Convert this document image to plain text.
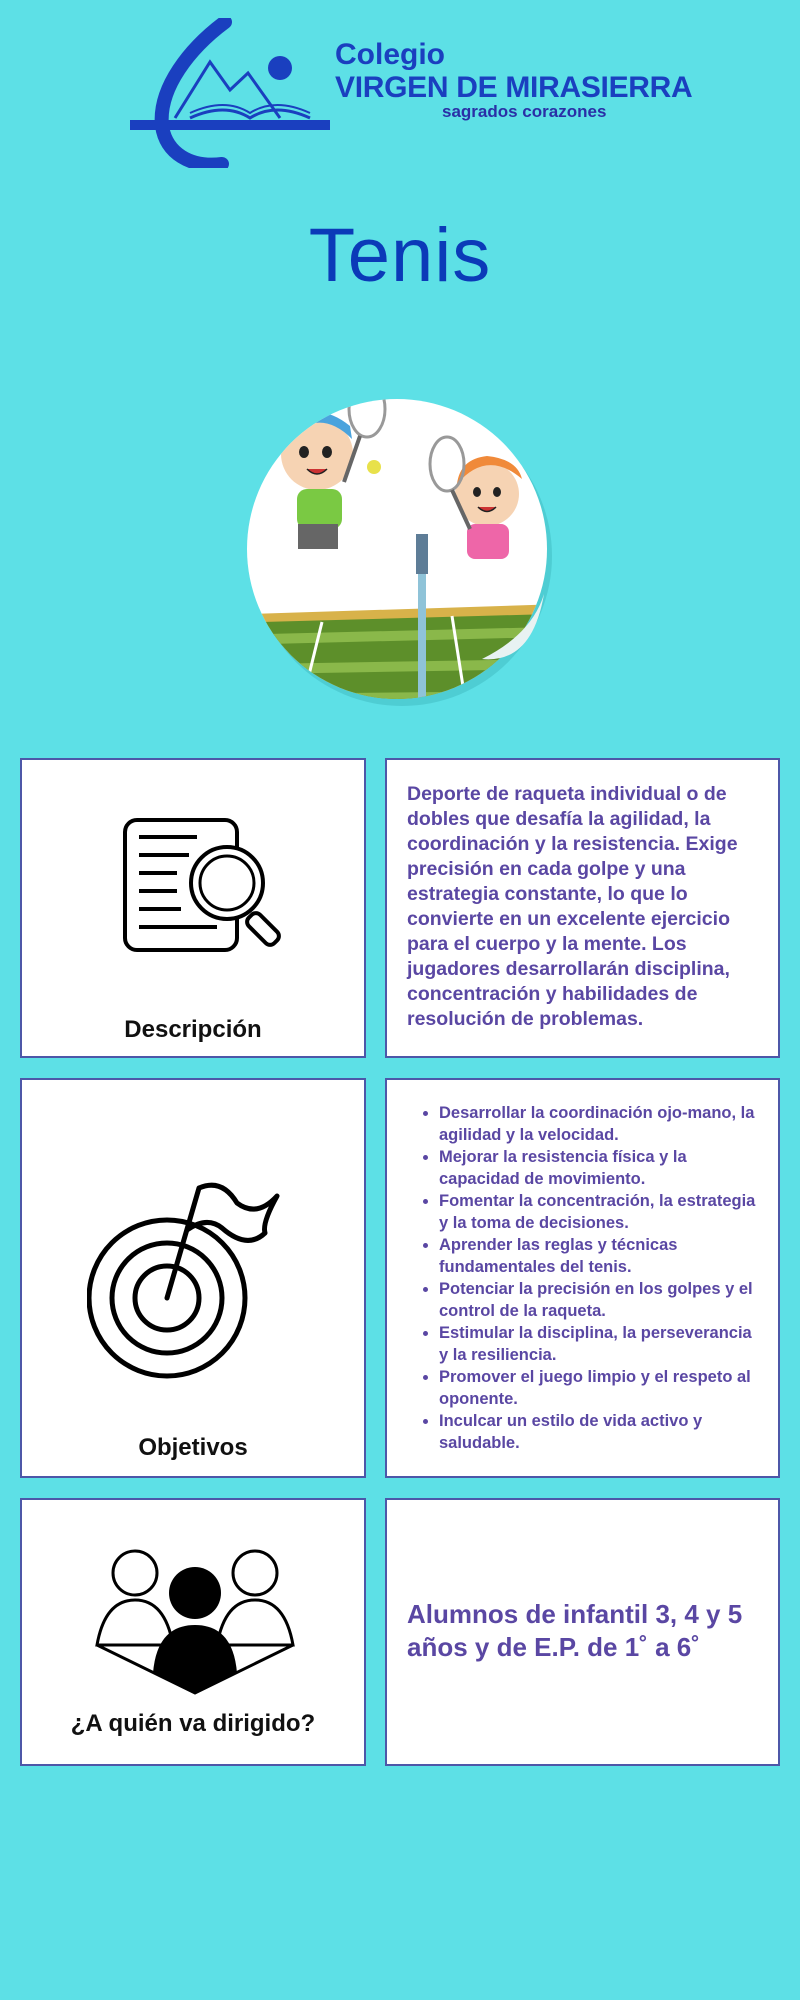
Colegio
VIRGEN DE MIRASIERRA
sagrados corazones
Tenis
Descripción
Deporte de raqueta individual o de dobles que desafía la agilidad, la coordinación y la resistencia. Exige precisión en cada golpe y una estrategia constante, lo que lo convierte en un excelente ejercicio para el cuerpo y la mente. Los jugadores desarrollarán disciplina, concentración y habilidades de resolución de problemas.
Objetivos
• Desarrollar la coordinación ojo-mano, la agilidad y la velocidad.
• Mejorar la resistencia física y la capacidad de movimiento.
• Fomentar la concentración, la estrategia y la toma de decisiones.
• Aprender las reglas y técnicas fundamentales del tenis.
• Potenciar la precisión en los golpes y el control de la raqueta.
• Estimular la disciplina, la perseverancia y la resiliencia.
• Promover el juego limpio y el respeto al oponente.
• Inculcar un estilo de vida activo y saludable.
¿A quién va dirigido?
Alumnos de infantil 3, 4 y 5 años y de E.P. de 1˚ a 6˚
